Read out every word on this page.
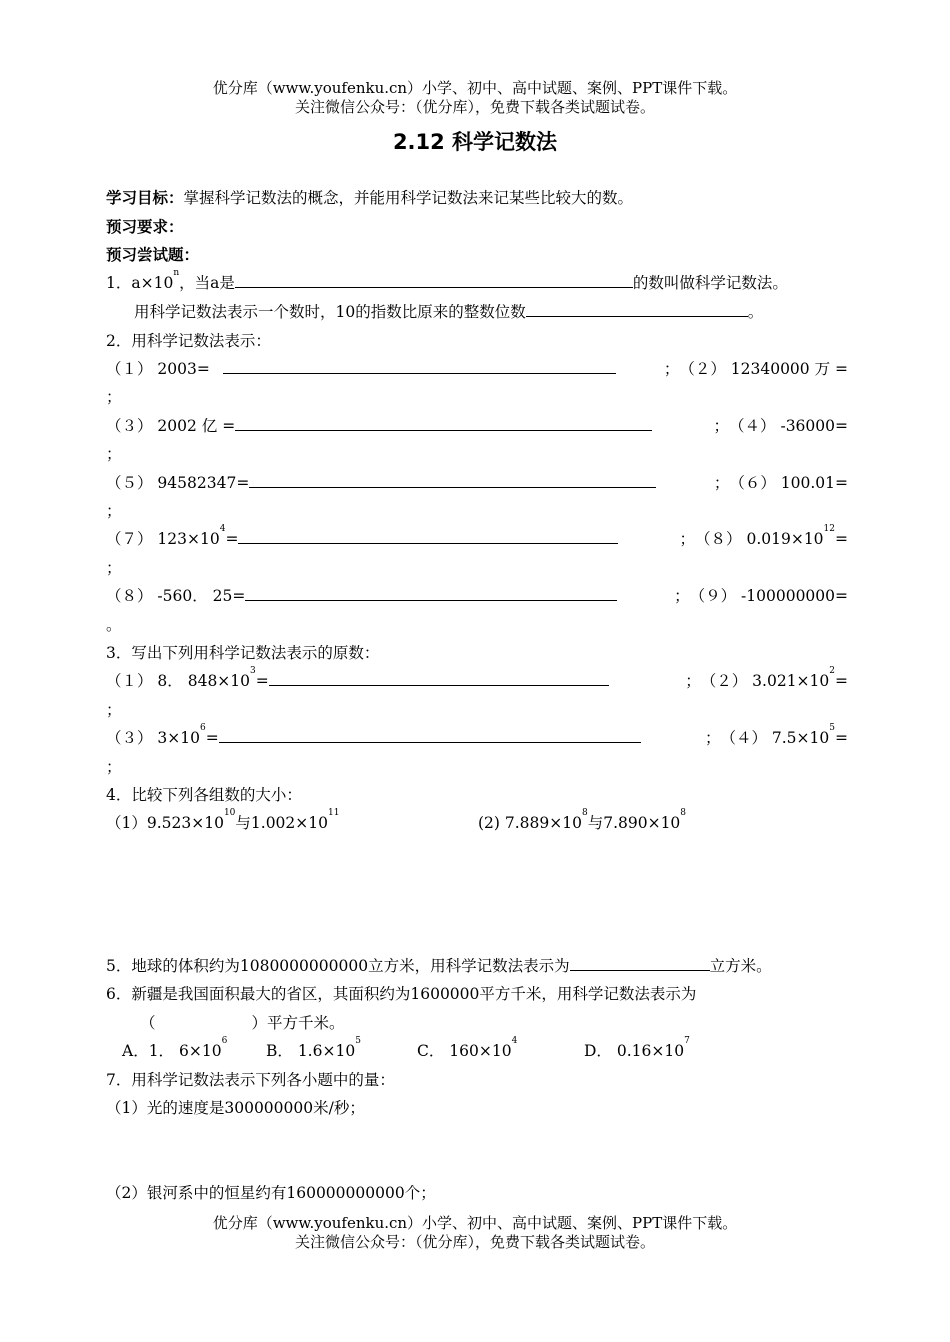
优分库（www.youfenku.cn）小学、初中、高中试题、案例、PPT课件下载。
关注微信公众号：（优分库），免费下载各类试题试卷。
2.12 科学记数法
学习目标：掌握科学记数法的概念，并能用科学记数法来记某些比较大的数。
预习要求：
预习尝试题：
1．$a\times 10^n$，当a是	的数叫做科学记数法。
用科学记数法表示一个数时，10的指数比原来的整数位数	。
2．用科学记数法表示：
（１） 2003=	；　（２） 12340000 万 =
；
（３） 2002 亿 =	；　（４） -36000=
；
（５） 94582347=	；　（６） 100.01=
；
（７） $123\times 10^4=$	；　（８） $0.019\times 10^{12}=$
；
（８） -560． 25=	；　（９） -100000000=
。
3．写出下列用科学记数法表示的原数：
（１） 8． $848\times 10^3=$	；　（２） $3.021\times 10^2=$
；
（３） $3\times 10^6=$	；　（４） $7.5\times 10^5=$
；
4．比较下列各组数的大小：
$(1)9.523\times 10^{10}$与$1.002\times 10^{11}$
(2) $7.889\times 10^8$与$7.890\times 10^8$
5．地球的体积约为1080000000000立方米，用科学记数法表示为	立方米。
6．新疆是我国面积最大的省区，其面积约为1600000平方千米，用科学记数法表示为
（	）平方千米。
A．1． $6\times 10^6$
B． $1.6\times 10^5$
C． $160\times 10^4$
D． $0.16\times 10^7$
7．用科学记数法表示下列各小题中的量：
（1）光的速度是300000000米/秒；
（2）银河系中的恒星约有160000000000个；
优分库（www.youfenku.cn）小学、初中、高中试题、案例、PPT课件下载。
关注微信公众号：（优分库），免费下载各类试题试卷。
